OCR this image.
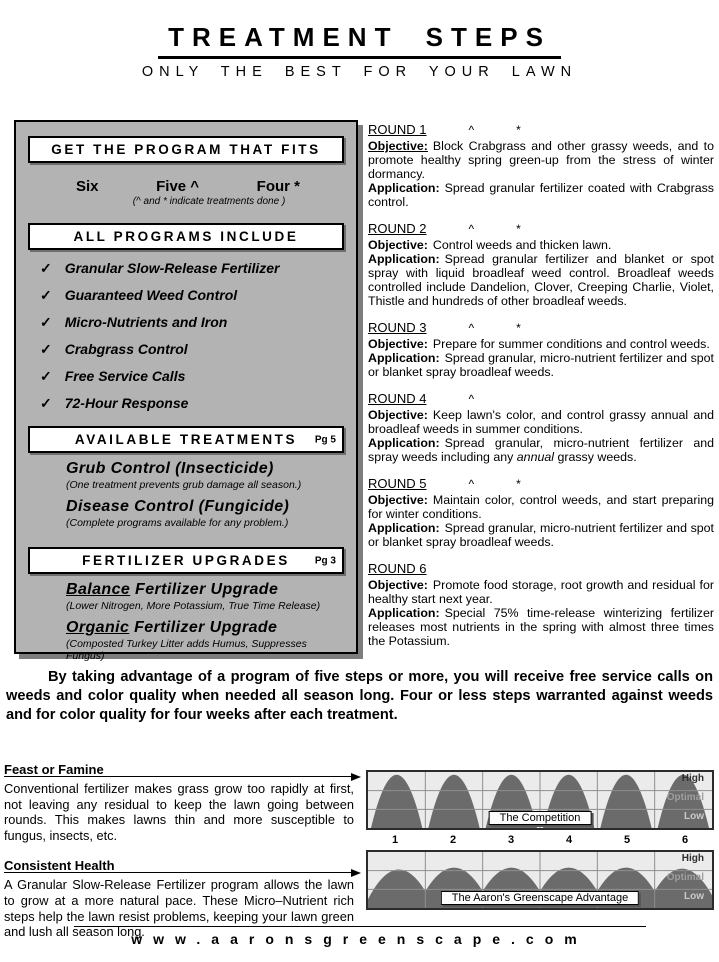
TREATMENT STEPS
ONLY THE BEST FOR YOUR LAWN
GET THE PROGRAM THAT FITS
Six	Five ^	Four *
(^ and * indicate treatments done )
ALL PROGRAMS INCLUDE
✓ Granular Slow-Release Fertilizer
✓ Guaranteed Weed Control
✓ Micro-Nutrients and Iron
✓ Crabgrass Control
✓ Free Service Calls
✓ 72-Hour Response
AVAILABLE TREATMENTS Pg 5
Grub Control (Insecticide)
(One treatment prevents grub damage all season.)
Disease Control (Fungicide)
(Complete programs available for any problem.)
FERTILIZER UPGRADES	Pg 3
Balance Fertilizer Upgrade
(Lower Nitrogen, More Potassium, True Time Release)
Organic Fertilizer Upgrade
(Composted Turkey Litter adds Humus, Suppresses Fungus)
ROUND 1	^	*

Objective: Block Crabgrass and other grassy weeds, and to promote healthy spring green-up from the stress of winter dormancy.

Application: Spread granular fertilizer coated with Crabgrass control.

ROUND 2	^	*

Objective: Control weeds and thicken lawn.

Application: Spread granular fertilizer and blanket or spot spray with liquid broadleaf weed control. Broadleaf weeds controlled include Dandelion, Clover, Creeping Charlie, Violet, Thistle and hundreds of other broadleaf weeds.

ROUND 3	^	*

Objective: Prepare for summer conditions and control weeds.

Application: Spread granular, micro-nutrient fertilizer and spot or blanket spray broadleaf weeds.

ROUND 4	^

Objective: Keep lawn's color, and control grassy annual and broadleaf weeds in summer conditions.

Application: Spread granular, micro-nutrient fertilizer and spray weeds including any annual grassy weeds.

ROUND 5	^	*

Objective: Maintain color, control weeds, and start preparing for winter conditions.

Application: Spread granular, micro-nutrient fertilizer and spot or blanket spray broadleaf weeds.

ROUND 6

Objective: Promote food storage, root growth and residual for healthy start next year.

Application: Special 75% time-release winterizing fertilizer releases most nutrients in the spring with almost three times the Potassium.

By taking advantage of a program of five steps or more, you will receive free service calls on weeds and color quality when needed all season long. Four or less steps warranted against weeds and for color quality for four weeks after each treatment.
Feast or Famine
Conventional fertilizer makes grass grow too rapidly at first, not leaving any residual to keep the lawn going between rounds. This makes lawns thin and more susceptible to fungus, insects, etc.
Consistent Health
A Granular Slow-Release Fertilizer program allows the lawn to grow at a more natural pace. These Micro–Nutrient rich steps help the lawn resist problems, keeping your lawn green and lush all season long.
High
Optimal
Low
The Competition
1	2	3	4	5	6
High
Optimal
Low
The Aaron's Greenscape Advantage
www.aaronsgreenscape.com
